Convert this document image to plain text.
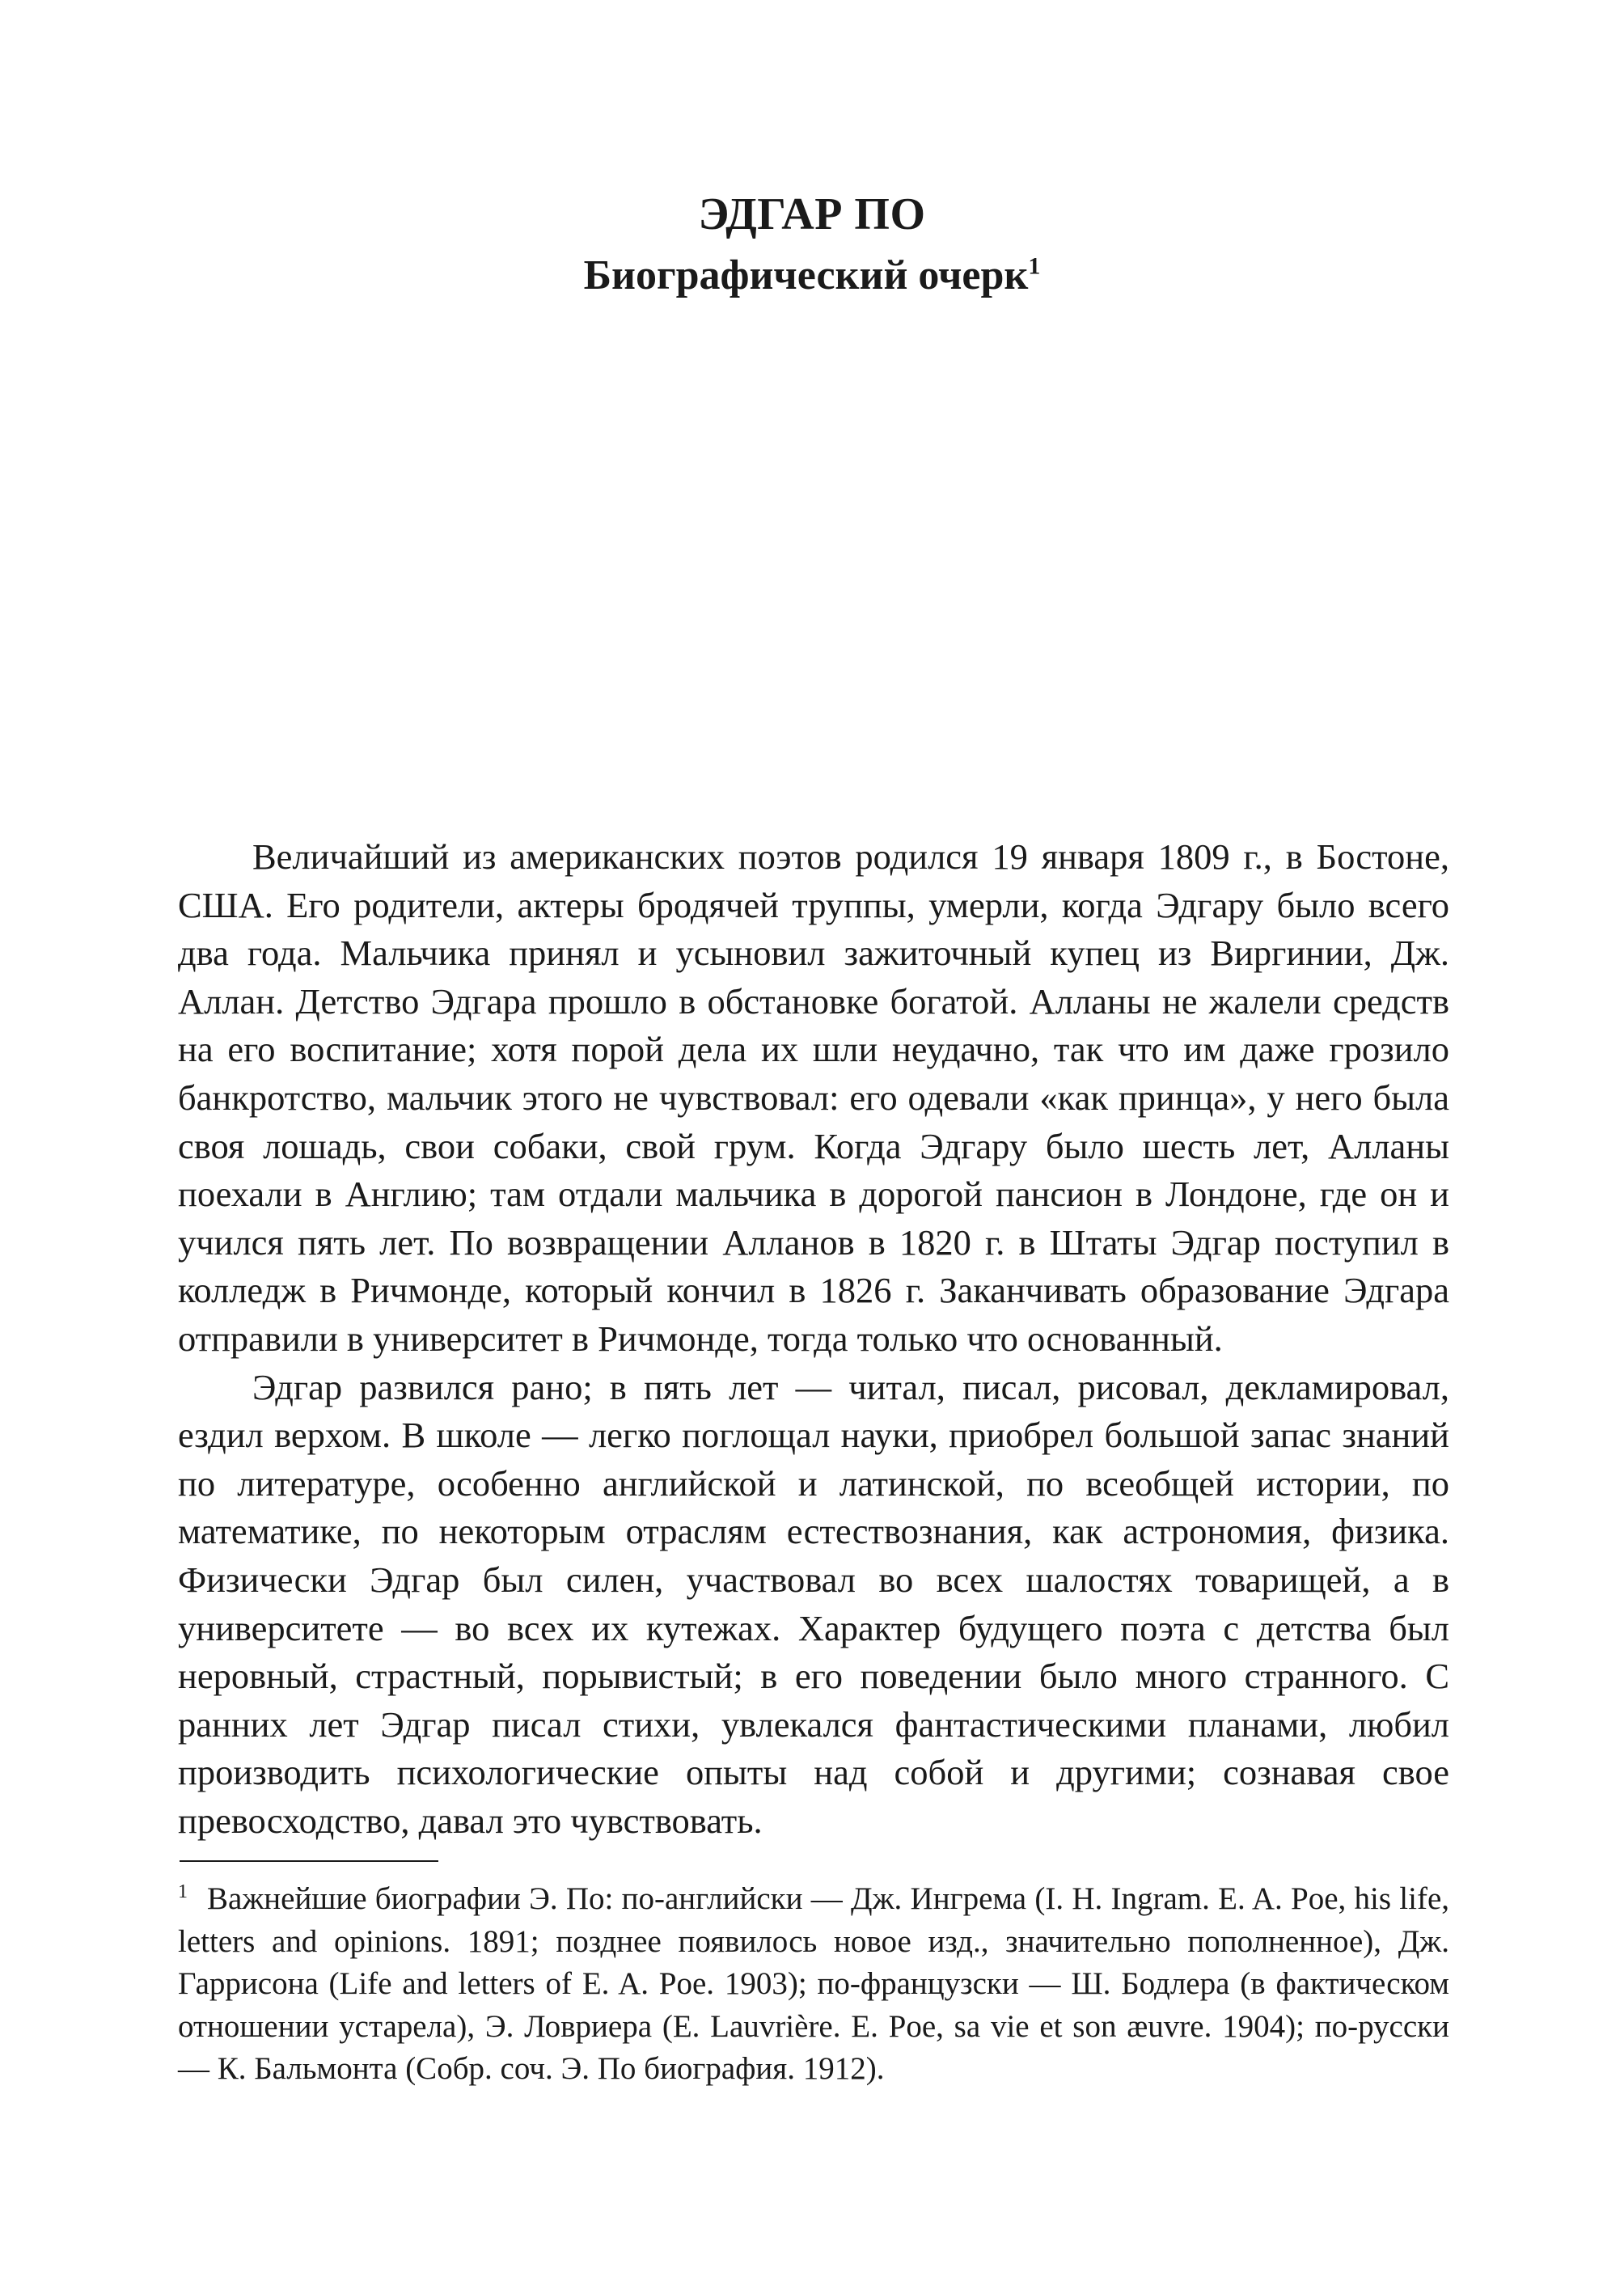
ЭДГАР ПО
Биографический очерк$^1$

Величайший из американских поэтов родился 19 января 1809 г., в Бостоне, США. Его родители, актеры бродячей труппы, умерли, когда Эдгару было всего два года. Мальчика принял и усыновил зажиточный купец из Виргинии, Дж. Аллан. Детство Эдгара прошло в обстановке богатой. Алланы не жалели средств на его воспитание; хотя порой дела их шли неудачно, так что им даже грозило банкротство, мальчик этого не чувствовал: его одевали «как принца», у него была своя лошадь, свои собаки, свой грум. Когда Эдгару было шесть лет, Алланы поехали в Англию; там отдали мальчика в дорогой пансион в Лондоне, где он и учился пять лет. По возвращении Алланов в 1820 г. в Штаты Эдгар поступил в колледж в Ричмонде, который кончил в 1826 г. Заканчивать образование Эдгара отправили в университет в Ричмонде, тогда только что основанный.

Эдгар развился рано; в пять лет — читал, писал, рисовал, декламировал, ездил верхом. В школе — легко поглощал науки, приобрел большой запас знаний по литературе, особенно английской и латинской, по всеобщей истории, по математике, по некоторым отраслям естествознания, как астрономия, физика. Физически Эдгар был силен, участвовал во всех шалостях товарищей, а в университете — во всех их кутежах. Характер будущего поэта с детства был неровный, страстный, порывистый; в его поведении было много странного. С ранних лет Эдгар писал стихи, увлекался фантастическими планами, любил производить психологические опыты над собой и другими; сознавая свое превосходство, давал это чувствовать.

$^1$ Важнейшие биографии Э. По: по-английски — Дж. Ингрема (I. H. Ingram. E. A. Poe, his life, letters and opinions. 1891; позднее появилось новое изд., значительно пополненное), Дж. Гаррисона (Life and letters of E. A. Poe. 1903); по-французски — Ш. Бодлера (в фактическом отношении устарела), Э. Ловриера (E. Lauvrière. E. Poe, sa vie et son æuvre. 1904); по-русски — К. Бальмонта (Собр. соч. Э. По биография. 1912).
